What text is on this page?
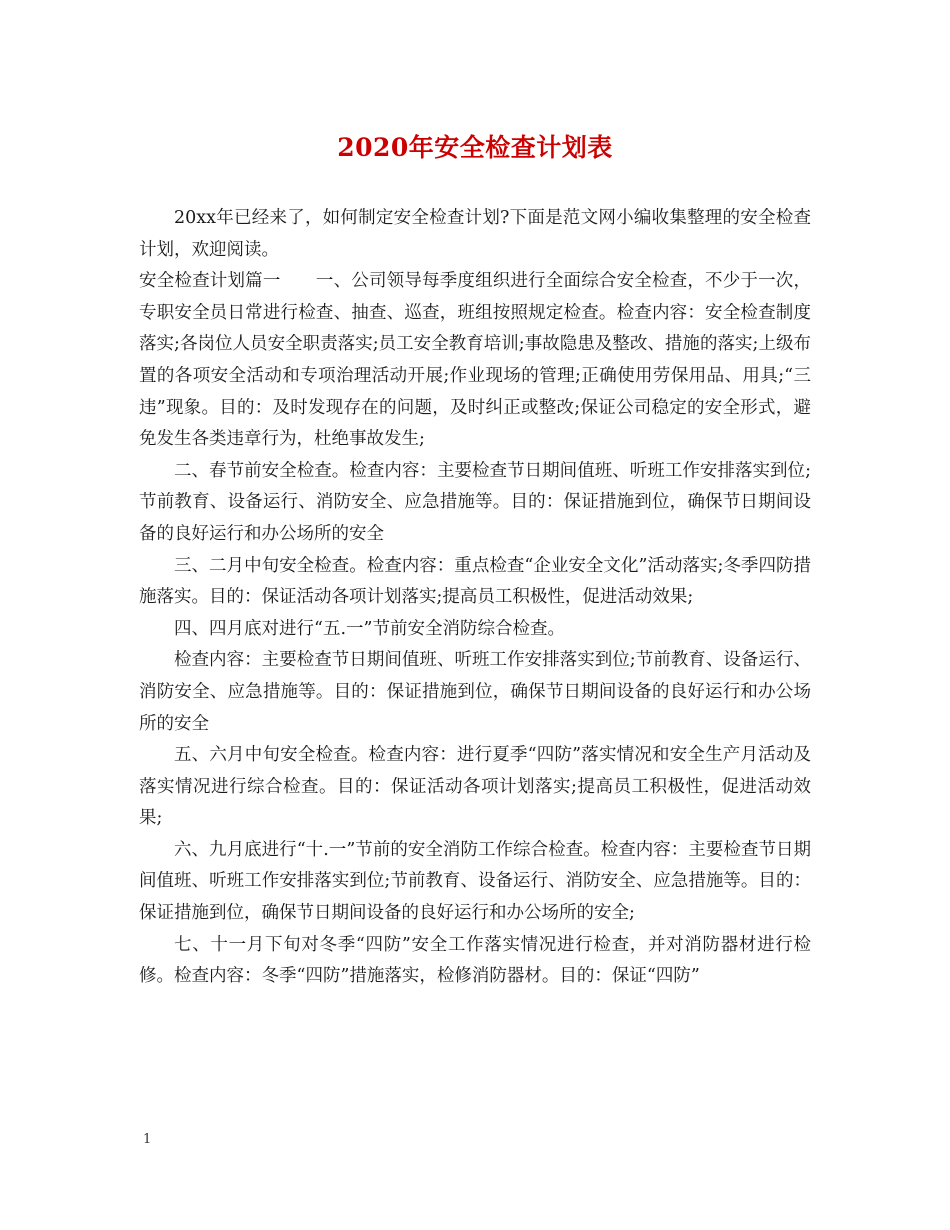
2020年安全检查计划表

20xx年已经来了，如何制定安全检查计划?下面是范文网小编收集整理的安全检查计划，欢迎阅读。

安全检查计划篇一　　一、公司领导每季度组织进行全面综合安全检查，不少于一次，专职安全员日常进行检查、抽查、巡查，班组按照规定检查。检查内容：安全检查制度落实;各岗位人员安全职责落实;员工安全教育培训;事故隐患及整改、措施的落实;上级布置的各项安全活动和专项治理活动开展;作业现场的管理;正确使用劳保用品、用具;“三违”现象。目的：及时发现存在的问题，及时纠正或整改;保证公司稳定的安全形式，避免发生各类违章行为，杜绝事故发生;

二、春节前安全检查。检查内容：主要检查节日期间值班、听班工作安排落实到位;节前教育、设备运行、消防安全、应急措施等。目的：保证措施到位，确保节日期间设备的良好运行和办公场所的安全

三、二月中旬安全检查。检查内容：重点检查“企业安全文化”活动落实;冬季四防措施落实。目的：保证活动各项计划落实;提高员工积极性，促进活动效果;

四、四月底对进行“五.一”节前安全消防综合检查。

检查内容：主要检查节日期间值班、听班工作安排落实到位;节前教育、设备运行、消防安全、应急措施等。目的：保证措施到位，确保节日期间设备的良好运行和办公场所的安全

五、六月中旬安全检查。检查内容：进行夏季“四防”落实情况和安全生产月活动及落实情况进行综合检查。目的：保证活动各项计划落实;提高员工积极性，促进活动效果;

六、九月底进行“十.一”节前的安全消防工作综合检查。检查内容：主要检查节日期间值班、听班工作安排落实到位;节前教育、设备运行、消防安全、应急措施等。目的：保证措施到位，确保节日期间设备的良好运行和办公场所的安全;

七、十一月下旬对冬季“四防”安全工作落实情况进行检查，并对消防器材进行检修。检查内容：冬季“四防”措施落实，检修消防器材。目的：保证“四防”

1
